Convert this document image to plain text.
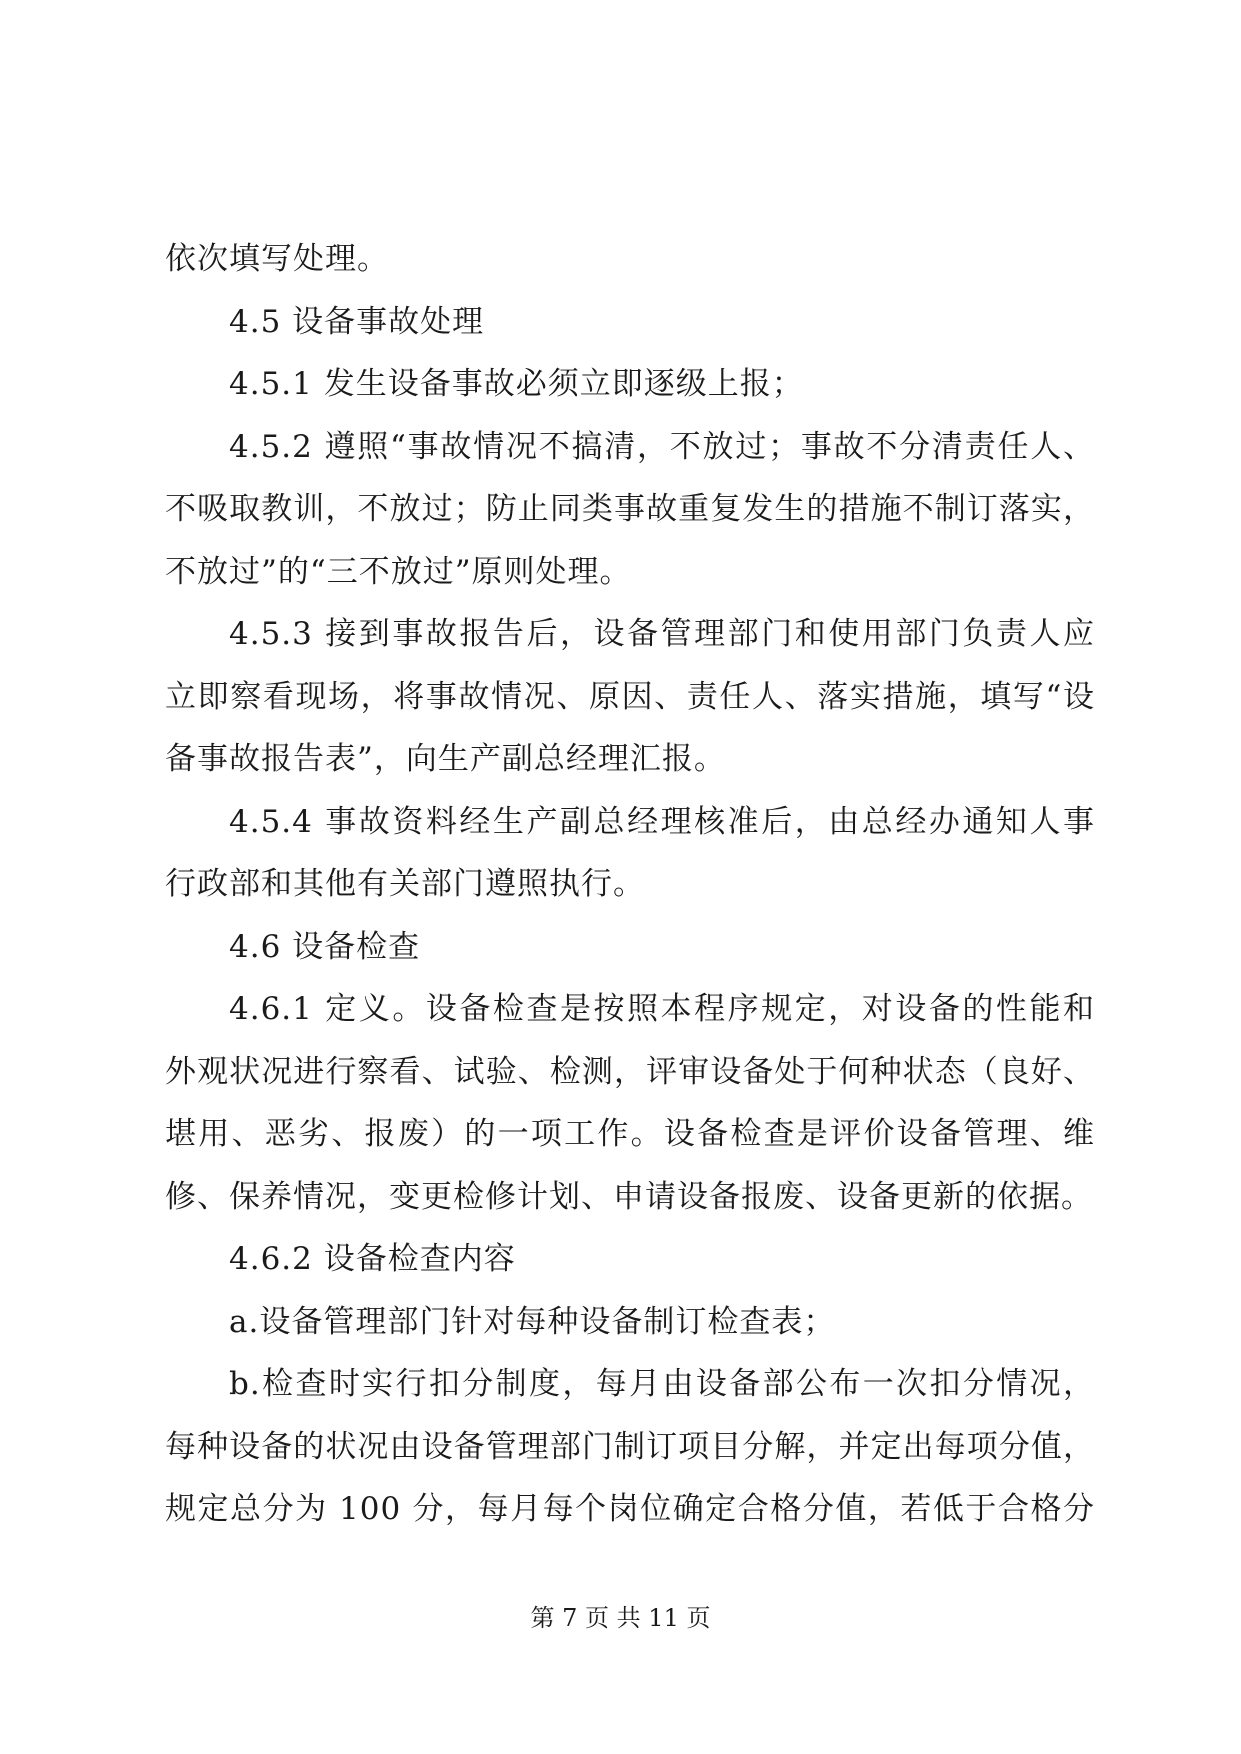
依次填写处理。
4.5 设备事故处理
4.5.1 发生设备事故必须立即逐级上报；
4.5.2 遵照“事故情况不搞清，不放过；事故不分清责任人、
不吸取教训，不放过；防止同类事故重复发生的措施不制订落实，
不放过”的“三不放过”原则处理。
4.5.3 接到事故报告后，设备管理部门和使用部门负责人应
立即察看现场，将事故情况、原因、责任人、落实措施，填写“设
备事故报告表”，向生产副总经理汇报。
4.5.4 事故资料经生产副总经理核准后，由总经办通知人事
行政部和其他有关部门遵照执行。
4.6 设备检查
4.6.1 定义。设备检查是按照本程序规定，对设备的性能和
外观状况进行察看、试验、检测，评审设备处于何种状态（良好、
堪用、恶劣、报废）的一项工作。设备检查是评价设备管理、维
修、保养情况，变更检修计划、申请设备报废、设备更新的依据。
4.6.2 设备检查内容
a.设备管理部门针对每种设备制订检查表；
b.检查时实行扣分制度，每月由设备部公布一次扣分情况，
每种设备的状况由设备管理部门制订项目分解，并定出每项分值，
规定总分为 100 分，每月每个岗位确定合格分值，若低于合格分
第 7 页 共 11 页
